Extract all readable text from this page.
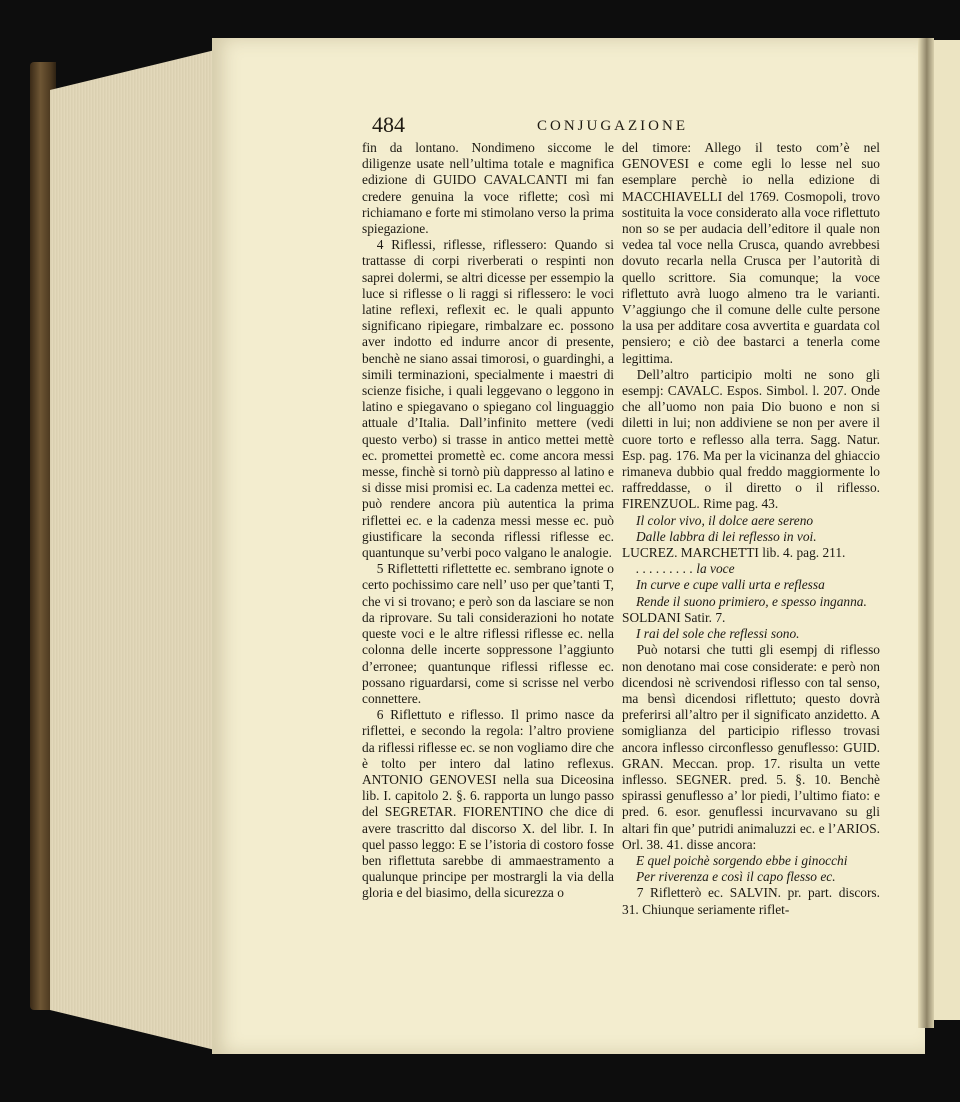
484	CONJUGAZIONE

fin da lontano. Nondimeno siccome le diligenze usate nell’ultima totale e magnifica edizione di GUIDO CAVALCANTI mi fan credere genuina la voce riflette; così mi richiamano e forte mi stimolano verso la prima spiegazione.

4 Riflessi, riflesse, riflessero: Quando si trattasse di corpi riverberati o respinti non saprei dolermi, se altri dicesse per essempio la luce si riflesse o li raggi si riflessero: le voci latine reflexi, reflexit ec. le quali appunto significano ripiegare, rimbalzare ec. possono aver indotto ed indurre ancor di presente, benchè ne siano assai timorosi, o guardinghi, a simili terminazioni, specialmente i maestri di scienze fisiche, i quali leggevano o leggono in latino e spiegavano o spiegano col linguaggio attuale d’Italia. Dall’infinito mettere (vedi questo verbo) si trasse in antico mettei mettè ec. promettei promettè ec. come ancora messi messe, finchè si tornò più dappresso al latino e si disse misi promisi ec. La cadenza mettei ec. può rendere ancora più autentica la prima riflettei ec. e la cadenza messi messe ec. può giustificare la seconda riflessi riflesse ec. quantunque su’verbi poco valgano le analogie.

5 Riflettetti riflettette ec. sembrano ignote o certo pochissimo care nell’ uso per que’tanti T, che vi si trovano; e però son da lasciare se non da riprovare. Su tali considerazioni ho notate queste voci e le altre riflessi riflesse ec. nella colonna delle incerte soppressone l’aggiunto d’erronee; quantunque riflessi riflesse ec. possano riguardarsi, come si scrisse nel verbo connettere.

6 Riflettuto e riflesso. Il primo nasce da riflettei, e secondo la regola: l’altro proviene da riflessi riflesse ec. se non vogliamo dire che è tolto per intero dal latino reflexus. ANTONIO GENOVESI nella sua Diceosina lib. I. capitolo 2. §. 6. rapporta un lungo passo del SEGRETAR. FIORENTINO che dice di avere trascritto dal discorso X. del libr. I. In quel passo leggo: E se l’istoria di costoro fosse ben riflettuta sarebbe di ammaestramento a qualunque principe per mostrargli la via della gloria e del biasimo, della sicurezza o

del timore: Allego il testo com’è nel GENOVESI e come egli lo lesse nel suo esemplare perchè io nella edizione di MACCHIAVELLI del 1769. Cosmopoli, trovo sostituita la voce considerato alla voce riflettuto non so se per audacia dell’editore il quale non vedea tal voce nella Crusca, quando avrebbesi dovuto recarla nella Crusca per l’autorità di quello scrittore. Sia comunque; la voce riflettuto avrà luogo almeno tra le varianti. V’aggiungo che il comune delle culte persone la usa per additare cosa avvertita e guardata col pensiero; e ciò dee bastarci a tenerla come legittima.

Dell’altro participio molti ne sono gli esempj: CAVALC. Espos. Simbol. l. 207. Onde che all’uomo non paia Dio buono e non si diletti in lui; non addiviene se non per avere il cuore torto e reflesso alla terra. Sagg. Natur. Esp. pag. 176. Ma per la vicinanza del ghiaccio rimaneva dubbio qual freddo maggiormente lo raffreddasse, o il diretto o il riflesso. FIRENZUOL. Rime pag. 43.

Il color vivo, il dolce aere sereno

Dalle labbra di lei reflesso in voi.

LUCREZ. MARCHETTI lib. 4. pag. 211.

. . . . . . . . . la voce

In curve e cupe valli urta e reflessa

Rende il suono primiero, e spesso inganna.

SOLDANI Satir. 7.

I rai del sole che reflessi sono.

Può notarsi che tutti gli esempj di riflesso non denotano mai cose considerate: e però non dicendosi nè scrivendosi riflesso con tal senso, ma bensì dicendosi riflettuto; questo dovrà preferirsi all’altro per il significato anzidetto. A somiglianza del participio riflesso trovasi ancora inflesso circonflesso genuflesso: GUID. GRAN. Meccan. prop. 17. risulta un vette inflesso. SEGNER. pred. 5. §. 10. Benchè spirassi genuflesso a’ lor piedi, l’ultimo fiato: e pred. 6. esor. genuflessi incurvavano su gli altari fin que’ putridi animaluzzi ec. e l’ARIOS. Orl. 38. 41. disse ancora:

E quel poichè sorgendo ebbe i ginocchi

Per riverenza e così il capo flesso ec.

7 Rifletterò ec. SALVIN. pr. part. discors. 31. Chiunque seriamente riflet-
